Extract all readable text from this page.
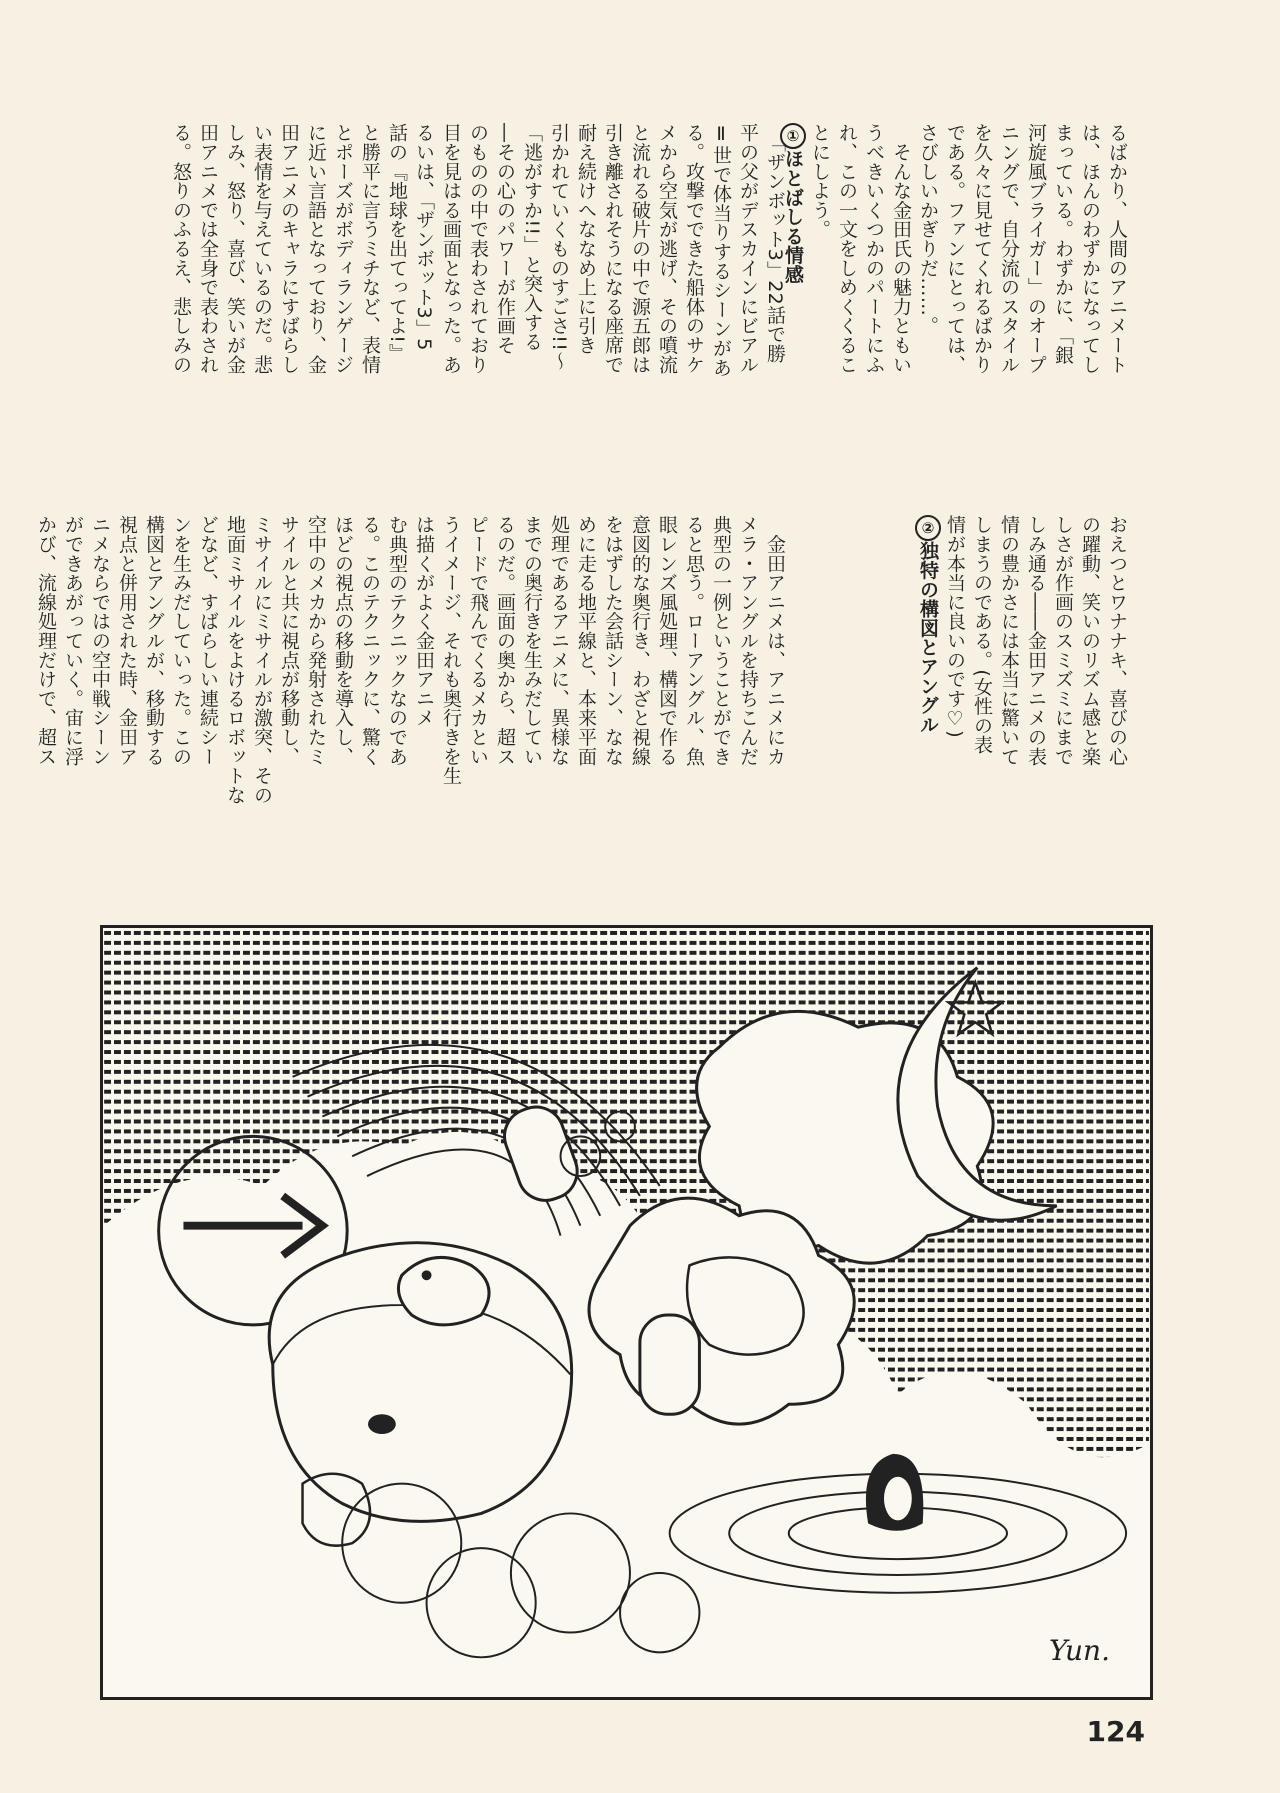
るばかり、人間のアニメート
は、ほんのわずかになってし
まっている。わずかに、「銀
河旋風ブライガー」のオープ
ニングで、自分流のスタイル
を久々に見せてくれるばかり
である。ファンにとっては、
さびしいかぎりだ……。
　そんな金田氏の魅力ともい
うべきいくつかのパートにふ
れ、この一文をしめくくるこ
とにしよう。
①ほとばしる情感
　「ザンボット3」22話で勝
平の父がデスカインにビアル
Ⅱ世で体当りするシーンがあ
る。攻撃でできた船体のサケ
メから空気が逃げ、その噴流
と流れる破片の中で源五郎は
引き離されそうになる座席で
耐え続けへななめ上に引き
引かれていくものすごさ!!〜
「逃がすか!!」と突入する
―その心のパワーが作画そ
のものの中で表わされており
目を見はる画面となった。あ
るいは、「ザンボット3」5
話の『地球を出てってよ!』
と勝平に言うミチなど、表情
とポーズがボディランゲージ
に近い言語となっており、金
田アニメのキャラにすばらし
い表情を与えているのだ。悲
しみ、怒り、喜び、笑いが金
田アニメでは全身で表わされ
る。怒りのふるえ、悲しみの
おえつとワナナキ、喜びの心
の躍動、笑いのリズム感と楽
しさが作画のスミズミにまで
しみ通る――金田アニメの表
情の豊かさには本当に驚いて
しまうのである。(女性の表
情が本当に良いのです♡)
②独特の構図とアングル
　金田アニメは、アニメにカ
メラ・アングルを持ちこんだ
典型の一例ということができ
ると思う。ローアングル、魚
眼レンズ風処理、構図で作る
意図的な奥行き、わざと視線
をはずした会話シーン、なな
めに走る地平線と、本来平面
処理であるアニメに、異様な
までの奥行きを生みだしてい
るのだ。画面の奥から、超ス
ピードで飛んでくるメカとい
うイメージ、それも奥行きを生
は描くがよく金田アニメ
む典型のテクニックなのであ
る。このテクニックに、驚く
ほどの視点の移動を導入し、
空中のメカから発射されたミ
サイルと共に視点が移動し、
ミサイルにミサイルが激突、その
地面ミサイルをよけるロボットな
どなど、すばらしい連続シー
ンを生みだしていった。この
構図とアングルが、移動する
視点と併用された時、金田ア
ニメならではの空中戦シーン
ができあがっていく。宙に浮
かび、流線処理だけで、超ス
Yun.
124
